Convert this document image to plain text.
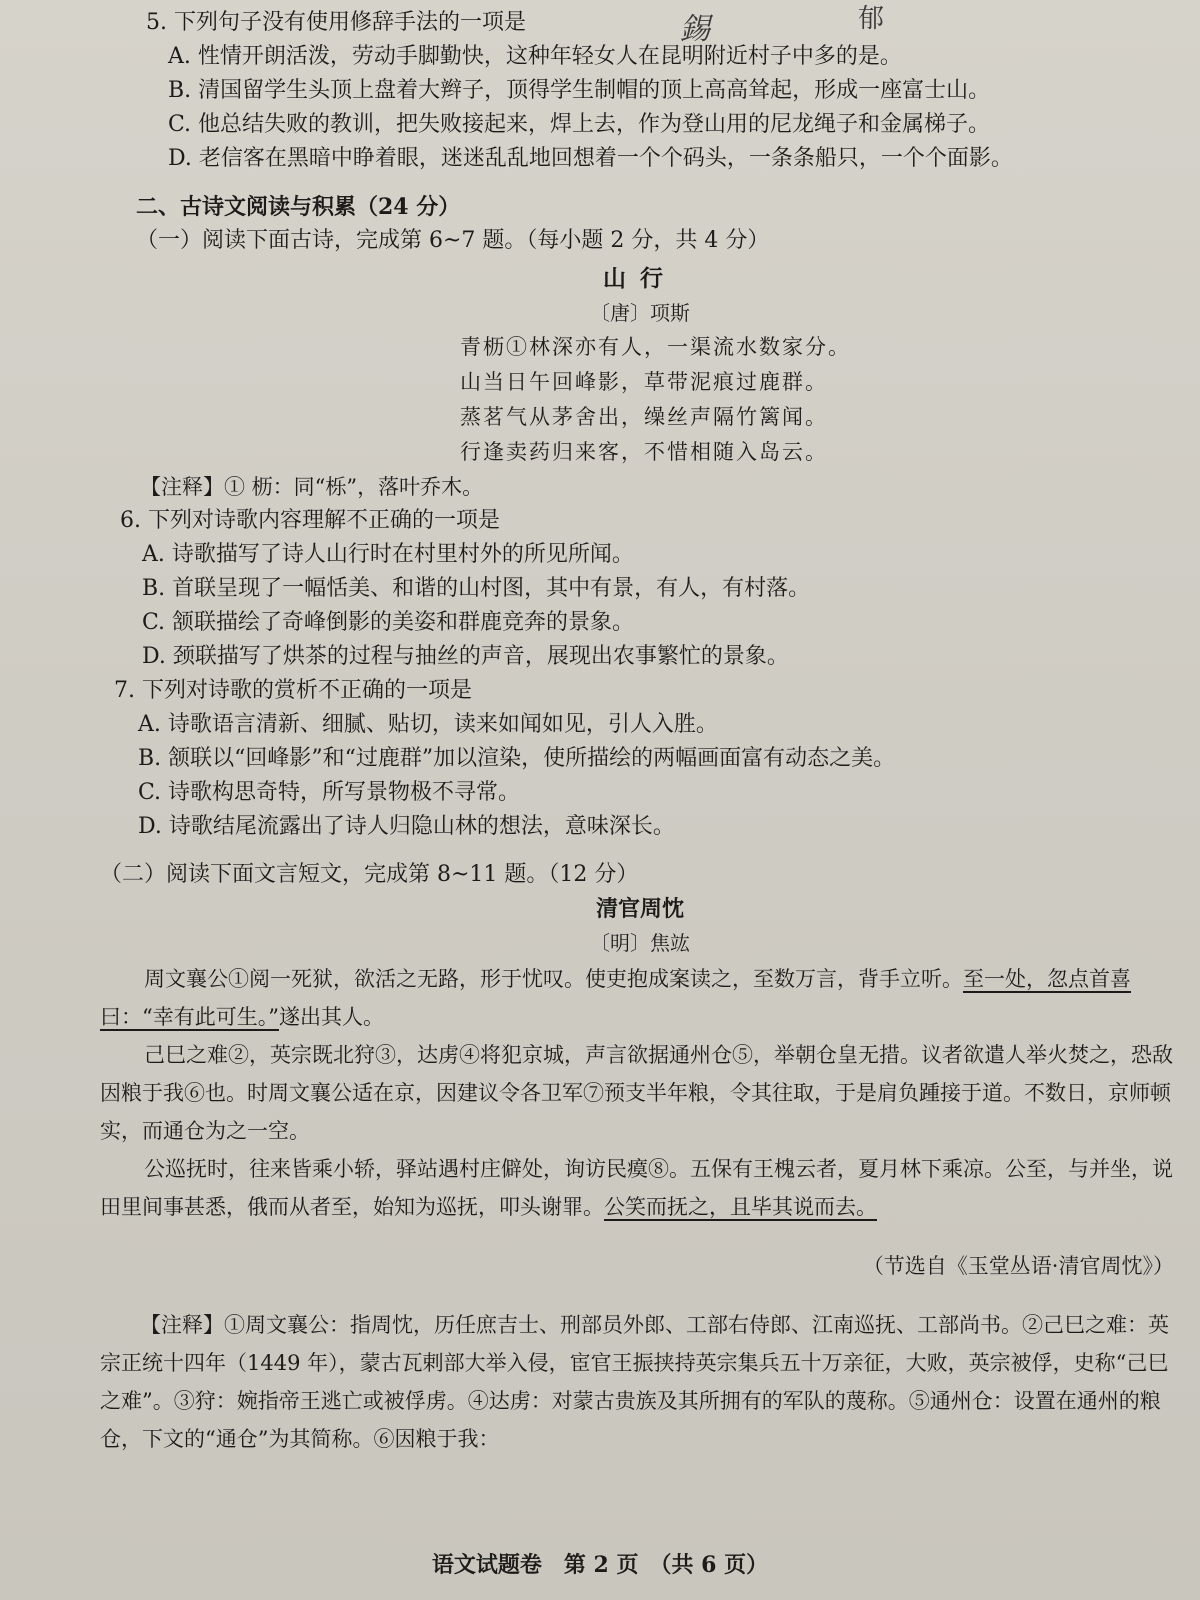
錫	郁

5. 下列句子没有使用修辞手法的一项是

A. 性情开朗活泼，劳动手脚勤快，这种年轻女人在昆明附近村子中多的是。

B. 清国留学生头顶上盘着大辫子，顶得学生制帽的顶上高高耸起，形成一座富士山。

C. 他总结失败的教训，把失败接起来，焊上去，作为登山用的尼龙绳子和金属梯子。

D. 老信客在黑暗中睁着眼，迷迷乱乱地回想着一个个码头，一条条船只，一个个面影。

二、古诗文阅读与积累（24 分）

（一）阅读下面古诗，完成第 6~7 题。（每小题 2 分，共 4 分）

山行

〔唐〕项斯

青枥①林深亦有人，一渠流水数家分。

山当日午回峰影，草带泥痕过鹿群。

蒸茗气从茅舍出，缲丝声隔竹篱闻。

行逢卖药归来客，不惜相随入岛云。

【注释】① 枥：同“栎”，落叶乔木。

6. 下列对诗歌内容理解不正确的一项是

A. 诗歌描写了诗人山行时在村里村外的所见所闻。

B. 首联呈现了一幅恬美、和谐的山村图，其中有景，有人，有村落。

C. 颔联描绘了奇峰倒影的美姿和群鹿竞奔的景象。

D. 颈联描写了烘茶的过程与抽丝的声音，展现出农事繁忙的景象。

7. 下列对诗歌的赏析不正确的一项是

A. 诗歌语言清新、细腻、贴切，读来如闻如见，引人入胜。

B. 颔联以“回峰影”和“过鹿群”加以渲染，使所描绘的两幅画面富有动态之美。

C. 诗歌构思奇特，所写景物极不寻常。

D. 诗歌结尾流露出了诗人归隐山林的想法，意味深长。

（二）阅读下面文言短文，完成第 8~11 题。（12 分）

清官周忱

〔明〕焦竑

周文襄公①阅一死狱，欲活之无路，形于忧叹。使吏抱成案读之，至数万言，背手立听。至一处，忽点首喜曰：“幸有此可生。”遂出其人。

己巳之难②，英宗既北狩③，达虏④将犯京城，声言欲据通州仓⑤，举朝仓皇无措。议者欲遣人举火焚之，恐敌因粮于我⑥也。时周文襄公适在京，因建议令各卫军⑦预支半年粮，令其往取，于是肩负踵接于道。不数日，京师顿实，而通仓为之一空。

公巡抚时，往来皆乘小轿，驿站遇村庄僻处，询访民瘼⑧。五保有王槐云者，夏月林下乘凉。公至，与并坐，说田里间事甚悉，俄而从者至，始知为巡抚，叩头谢罪。公笑而抚之，且毕其说而去。

（节选自《玉堂丛语·清官周忱》）

【注释】①周文襄公：指周忱，历任庶吉士、刑部员外郎、工部右侍郎、江南巡抚、工部尚书。②己巳之难：英宗正统十四年（1449 年），蒙古瓦剌部大举入侵，宦官王振挟持英宗集兵五十万亲征，大败，英宗被俘，史称“己巳之难”。③狩：婉指帝王逃亡或被俘虏。④达虏：对蒙古贵族及其所拥有的军队的蔑称。⑤通州仓：设置在通州的粮仓，下文的“通仓”为其简称。⑥因粮于我：

语文试题卷　第 2 页　（共 6 页）
